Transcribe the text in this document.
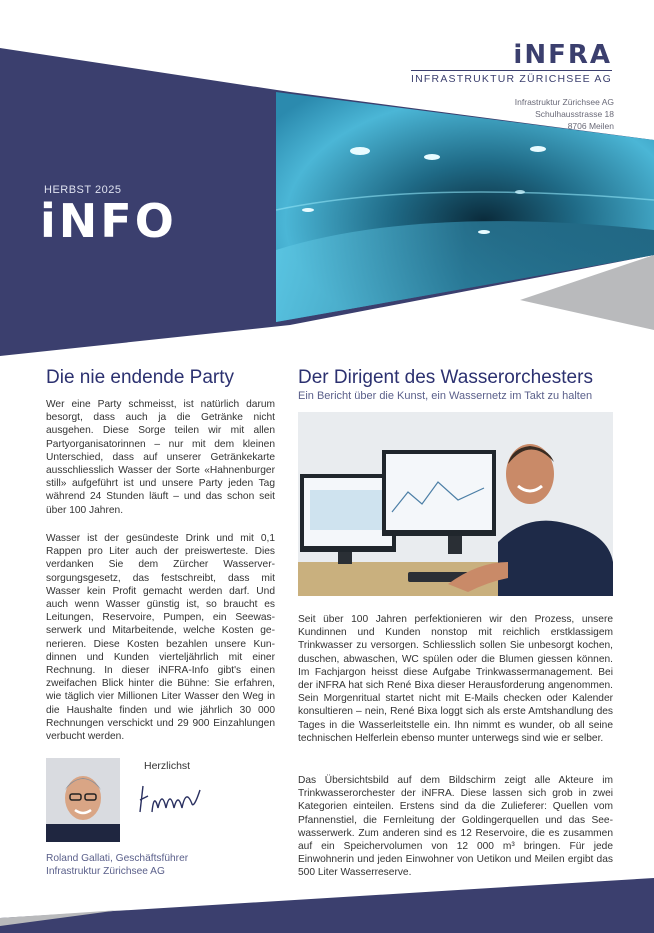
iNFRA
INFRASTRUKTUR ZÜRICHSEE AG
Infrastruktur Zürichsee AG
Schulhausstrasse 18
8706 Meilen
HERBST 2025
iNFO
Die nie endende Party

Wer eine Party schmeisst, ist natürlich darum besorgt, dass auch ja die Getränke nicht ausgehen. Diese Sorge teilen wir mit allen Partyorganisatorinnen – nur mit dem kleinen Unterschied, dass auf unserer Getränkekarte ausschliesslich Wasser der Sorte «Hahnenburger still» aufgeführt ist und unsere Party jeden Tag während 24 Stunden läuft – und das schon seit über 100 Jahren.

Wasser ist der gesündeste Drink und mit 0,1 Rappen pro Liter auch der preiswerteste. Dies verdanken Sie dem Zürcher Wasserversorgungsgesetz, das festschreibt, dass mit Wasser kein Profit gemacht werden darf. Und auch wenn Wasser günstig ist, so braucht es Leitungen, Reservoire, Pumpen, ein Seewasserwerk und Mitarbeitende, welche Kosten generieren. Diese Kosten bezahlen unsere Kundinnen und Kunden vierteljährlich mit einer Rechnung. In dieser iNFRA-Info gibt's einen zweifachen Blick hinter die Bühne: Sie erfahren, wie täglich vier Millionen Liter Wasser den Weg in die Haushalte finden und wie jährlich 30 000 Rechnungen verschickt und 29 900 Einzahlungen verbucht werden.

Herzlichst
Roland Gallati, Geschäftsführer
Infrastruktur Zürichsee AG
Der Dirigent des Wasserorchesters
Ein Bericht über die Kunst, ein Wassernetz im Takt zu halten

Seit über 100 Jahren perfektionieren wir den Prozess, unsere Kundinnen und Kunden nonstop mit reichlich erstklassigem Trinkwasser zu versorgen. Schliesslich sollen Sie unbesorgt kochen, duschen, abwaschen, WC spülen oder die Blumen giessen können. Im Fachjargon heisst diese Aufgabe Trinkwassermanagement. Bei der iNFRA hat sich René Bixa dieser Herausforderung angenommen. Sein Morgenritual startet nicht mit E-Mails checken oder Kalender konsultieren – nein, René Bixa loggt sich als erste Amtshandlung des Tages in die Wasserleitstelle ein. Ihn nimmt es wunder, ob all seine technischen Helferlein ebenso munter unterwegs sind wie er selber.

Das Übersichtsbild auf dem Bildschirm zeigt alle Akteure im Trinkwasserorchester der iNFRA. Diese lassen sich grob in zwei Kategorien einteilen. Erstens sind da die Zulieferer: Quellen vom Pfannenstiel, die Fernleitung der Goldingerquellen und das Seewasserwerk. Zum anderen sind es 12 Reservoire, die es zusammen auf ein Speichervolumen von 12 000 m³ bringen. Für jede Einwohnerin und jeden Einwohner von Uetikon und Meilen ergibt das 500 Liter Wasserreserve.
